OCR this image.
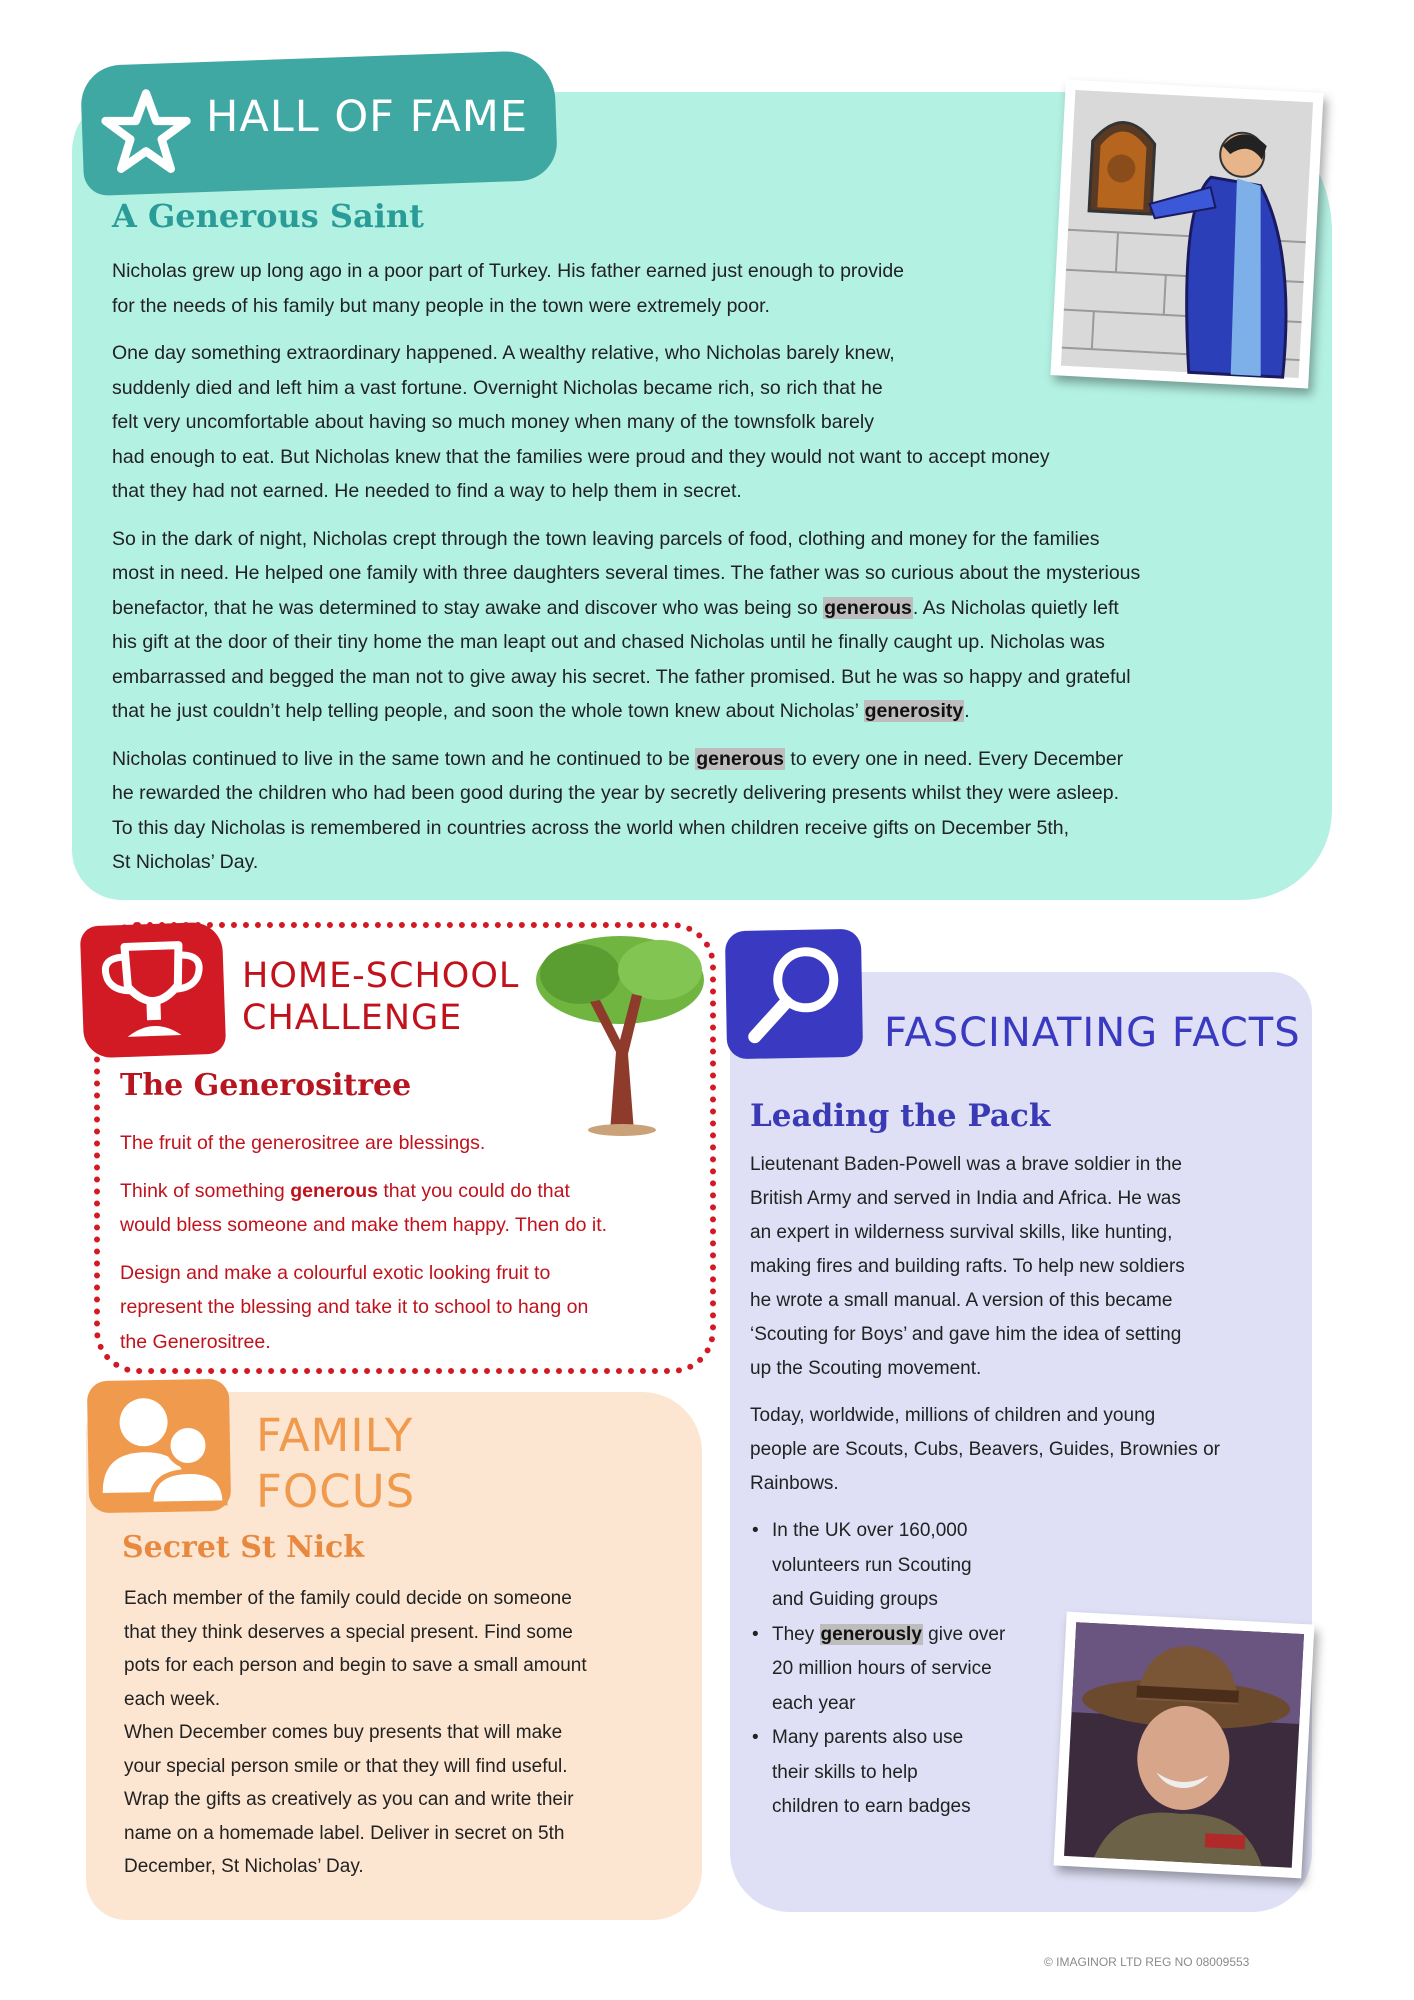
HALL OF FAME
A Generous Saint

Nicholas grew up long ago in a poor part of Turkey. His father earned just enough to provide
for the needs of his family but many people in the town were extremely poor.

One day something extraordinary happened. A wealthy relative, who Nicholas barely knew,
suddenly died and left him a vast fortune. Overnight Nicholas became rich, so rich that he
felt very uncomfortable about having so much money when many of the townsfolk barely
had enough to eat. But Nicholas knew that the families were proud and they would not want to accept money
that they had not earned. He needed to find a way to help them in secret.

So in the dark of night, Nicholas crept through the town leaving parcels of food, clothing and money for the families
most in need. He helped one family with three daughters several times. The father was so curious about the mysterious
benefactor, that he was determined to stay awake and discover who was being so generous. As Nicholas quietly left
his gift at the door of their tiny home the man leapt out and chased Nicholas until he finally caught up. Nicholas was
embarrassed and begged the man not to give away his secret. The father promised. But he was so happy and grateful
that he just couldn’t help telling people, and soon the whole town knew about Nicholas’ generosity.

Nicholas continued to live in the same town and he continued to be generous to every one in need. Every December
he rewarded the children who had been good during the year by secretly delivering presents whilst they were asleep.
To this day Nicholas is remembered in countries across the world when children receive gifts on December 5th,
St Nicholas’ Day.

HOME-SCHOOL
CHALLENGE
The Generositree

The fruit of the generositree are blessings.

Think of something generous that you could do that
would bless someone and make them happy. Then do it.

Design and make a colourful exotic looking fruit to
represent the blessing and take it to school to hang on
the Generositree.

FAMILY
FOCUS
Secret St Nick
Each member of the family could decide on someone
that they think deserves a special present. Find some
pots for each person and begin to save a small amount
each week.
When December comes buy presents that will make
your special person smile or that they will find useful.
Wrap the gifts as creatively as you can and write their
name on a homemade label. Deliver in secret on 5th
December, St Nicholas’ Day.
FASCINATING FACTS
Leading the Pack

Lieutenant Baden-Powell was a brave soldier in the
British Army and served in India and Africa. He was
an expert in wilderness survival skills, like hunting,
making fires and building rafts. To help new soldiers
he wrote a small manual. A version of this became
‘Scouting for Boys’ and gave him the idea of setting
up the Scouting movement.

Today, worldwide, millions of children and young
people are Scouts, Cubs, Beavers, Guides, Brownies or
Rainbows.

• In the UK over 160,000 volunteers run Scouting
and Guiding groups
• They generously give over
20 million hours of service
each year
• Many parents also use
their skills to help
children to earn badges
© IMAGINOR LTD REG NO 08009553
